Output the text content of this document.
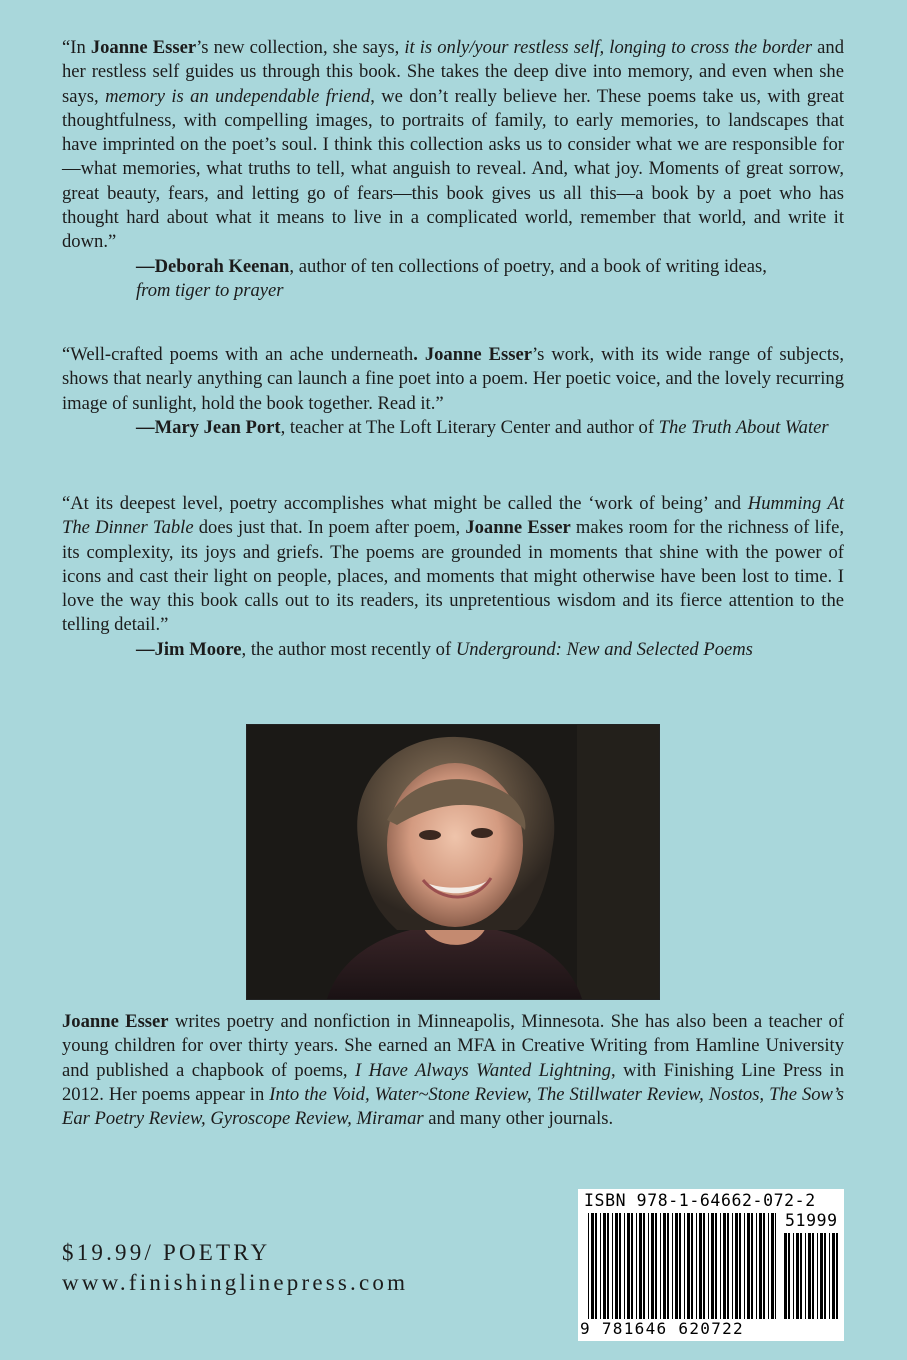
“In Joanne Esser’s new collection, she says, it is only/your restless self, longing to cross the border and her restless self guides us through this book. She takes the deep dive into memory, and even when she says, memory is an undependable friend, we don’t really believe her. These poems take us, with great thoughtfulness, with compelling images, to portraits of family, to early memories, to landscapes that have imprinted on the poet’s soul. I think this collection asks us to consider what we are responsible for—what memories, what truths to tell, what anguish to reveal. And, what joy. Moments of great sorrow, great beauty, fears, and letting go of fears—this book gives us all this—a book by a poet who has thought hard about what it means to live in a complicated world, remember that world, and write it down.”

—Deborah Keenan, author of ten collections of poetry, and a book of writing ideas,
from tiger to prayer

“Well-crafted poems with an ache underneath. Joanne Esser’s work, with its wide range of subjects, shows that nearly anything can launch a fine poet into a poem. Her poetic voice, and the lovely recurring image of sunlight, hold the book together. Read it.”

—Mary Jean Port, teacher at The Loft Literary Center and author of The Truth About Water

“At its deepest level, poetry accomplishes what might be called the ‘work of being’ and Humming At The Dinner Table does just that. In poem after poem, Joanne Esser makes room for the richness of life, its complexity, its joys and griefs. The poems are grounded in moments that shine with the power of icons and cast their light on people, places, and moments that might otherwise have been lost to time. I love the way this book calls out to its readers, its unpretentious wisdom and its fierce attention to the telling detail.”

—Jim Moore, the author most recently of Underground: New and Selected Poems

Joanne Esser writes poetry and nonfiction in Minneapolis, Minnesota. She has also been a teacher of young children for over thirty years. She earned an MFA in Creative Writing from Hamline University and published a chapbook of poems, I Have Always Wanted Lightning, with Finishing Line Press in 2012. Her poems appear in Into the Void, Water~Stone Review, The Stillwater Review, Nostos, The Sow’s Ear Poetry Review, Gyroscope Review, Miramar and many other journals.

$19.99/ POETRY
www.finishinglinepress.com
ISBN 978-1-64662-072-2
51999
9 781646 620722
